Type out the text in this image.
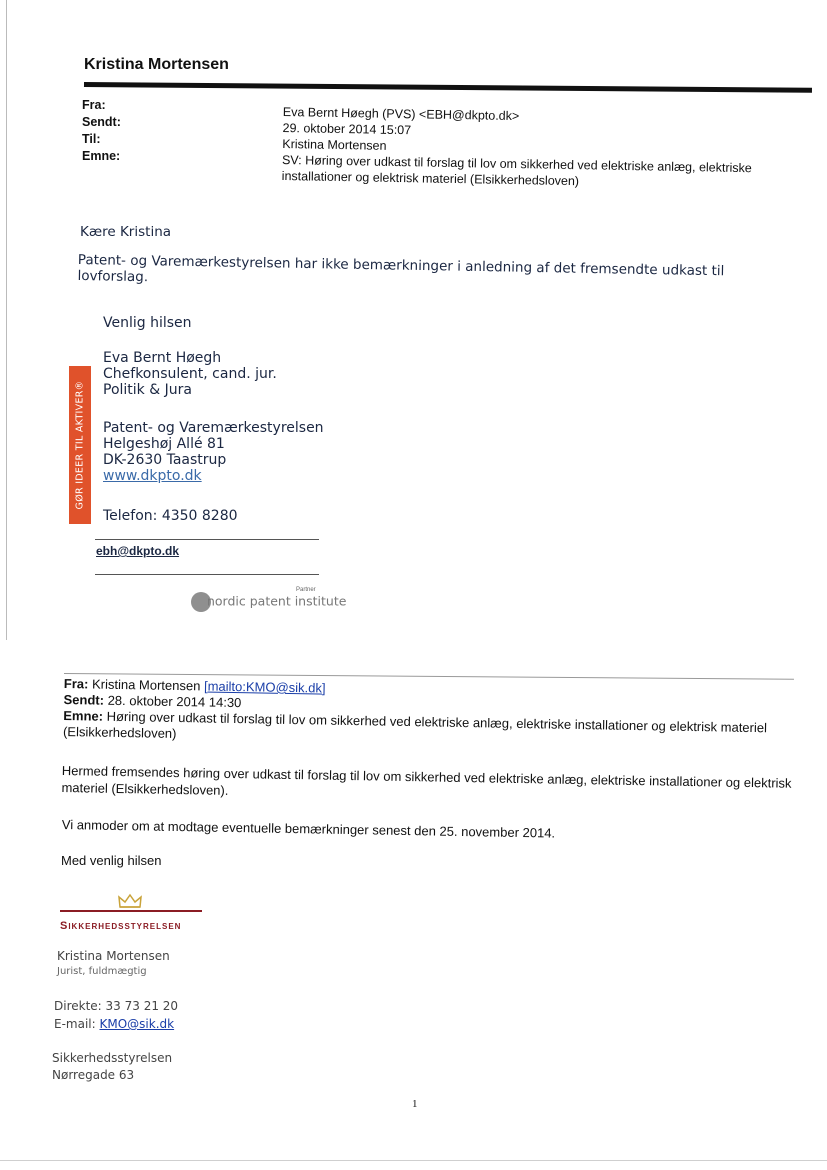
Kristina Mortensen
Fra:
Sendt:
Til:
Emne:
Eva Bernt Høegh (PVS) <EBH@dkpto.dk>
29. oktober 2014 15:07
Kristina Mortensen
SV: Høring over udkast til forslag til lov om sikkerhed ved elektriske anlæg, elektriske installationer og elektrisk materiel (Elsikkerhedsloven)
Kære Kristina
Patent- og Varemærkestyrelsen har ikke bemærkninger i anledning af det fremsendte udkast til lovforslag.
Venlig hilsen
Eva Bernt Høegh
Chefkonsulent, cand. jur.
Politik & Jura
Patent- og Varemærkestyrelsen
Helgeshøj Allé 81
DK-2630 Taastrup
www.dkpto.dk
Telefon: 4350 8280
GØR IDEER TIL AKTIVER®
ebh@dkpto.dk
Partner
nordic patent institute
Fra: Kristina Mortensen [mailto:KMO@sik.dk]
Sendt: 28. oktober 2014 14:30
Emne: Høring over udkast til forslag til lov om sikkerhed ved elektriske anlæg, elektriske installationer og elektrisk materiel (Elsikkerhedsloven)
Hermed fremsendes høring over udkast til forslag til lov om sikkerhed ved elektriske anlæg, elektriske installationer og elektrisk materiel (Elsikkerhedsloven).
Vi anmoder om at modtage eventuelle bemærkninger senest den 25. november 2014.
Med venlig hilsen
Sikkerhedsstyrelsen
Kristina Mortensen
Jurist, fuldmægtig
Direkte: 33 73 21 20
E-mail: KMO@sik.dk
Sikkerhedsstyrelsen
Nørregade 63
1
